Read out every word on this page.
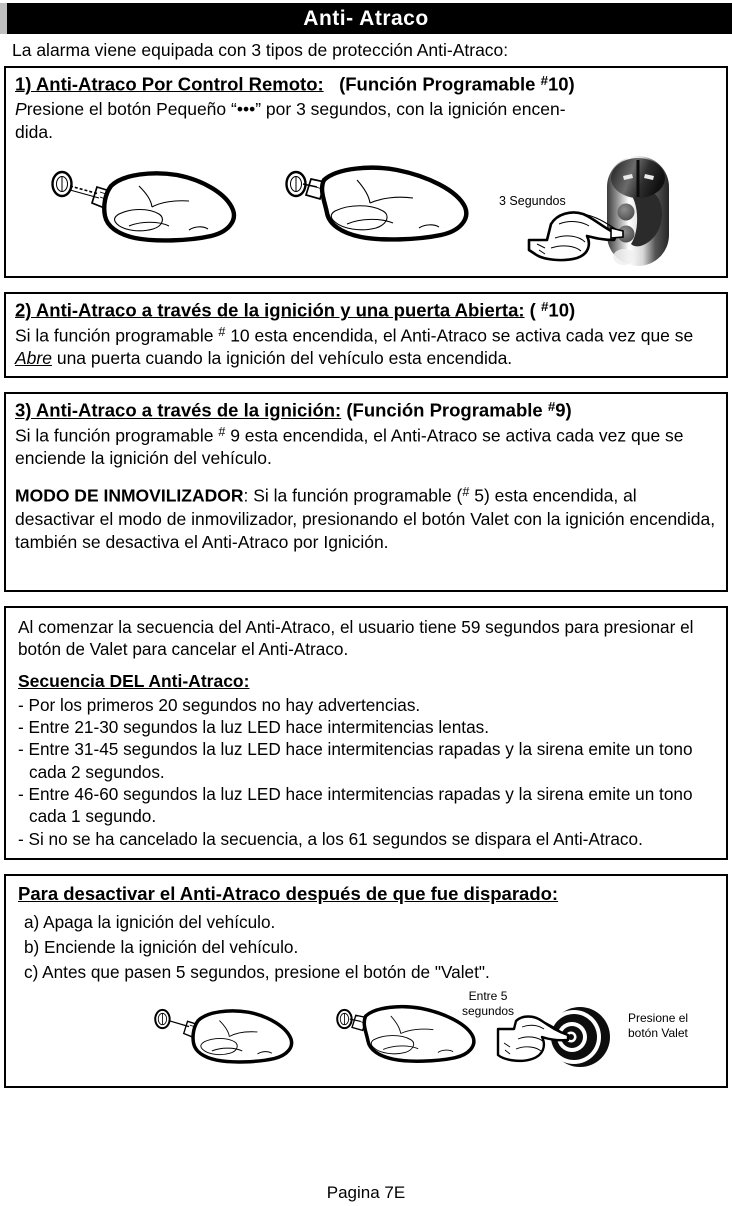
Anti- Atraco
La alarma viene equipada con 3 tipos de protección Anti-Atraco:
1) Anti-Atraco Por Control Remoto: (Función Programable #10)
Presione el botón Pequeño “•••” por 3 segundos, con la ignición encen-
dida.
3 Segundos
2) Anti-Atraco a través de la ignición y una puerta Abierta: ( #10)
Si la función programable # 10 esta encendida, el Anti-Atraco se activa cada vez que se Abre una puerta cuando la ignición del vehículo esta encendida.
3) Anti-Atraco a través de la ignición: (Función Programable #9)
Si la función programable # 9 esta encendida, el Anti-Atraco se activa cada vez que se enciende la ignición del vehículo.
MODO DE INMOVILIZADOR: Si la función programable (# 5) esta encendida, al desactivar el modo de inmovilizador, presionando el botón Valet con la ignición encendida, también se desactiva el Anti-Atraco por Ignición.
Al comenzar la secuencia del Anti-Atraco, el usuario tiene 59 segundos para presionar el botón de Valet para cancelar el Anti-Atraco.
Secuencia DEL Anti-Atraco:
- Por los primeros 20 segundos no hay advertencias.
- Entre 21-30 segundos la luz LED hace intermitencias lentas.
- Entre 31-45 segundos la luz LED hace intermitencias rapadas y la sirena emite un tono cada 2 segundos.
- Entre 46-60 segundos la luz LED hace intermitencias rapadas y la sirena emite un tono cada 1 segundo.
- Si no se ha cancelado la secuencia, a los 61 segundos se dispara el Anti-Atraco.
Para desactivar el Anti-Atraco después de que fue disparado:
a) Apaga la ignición del vehículo.
b) Enciende la ignición del vehículo.
c) Antes que pasen 5 segundos, presione el botón de "Valet".
Entre 5
segundos	Presione el
botón Valet
Pagina 7E
